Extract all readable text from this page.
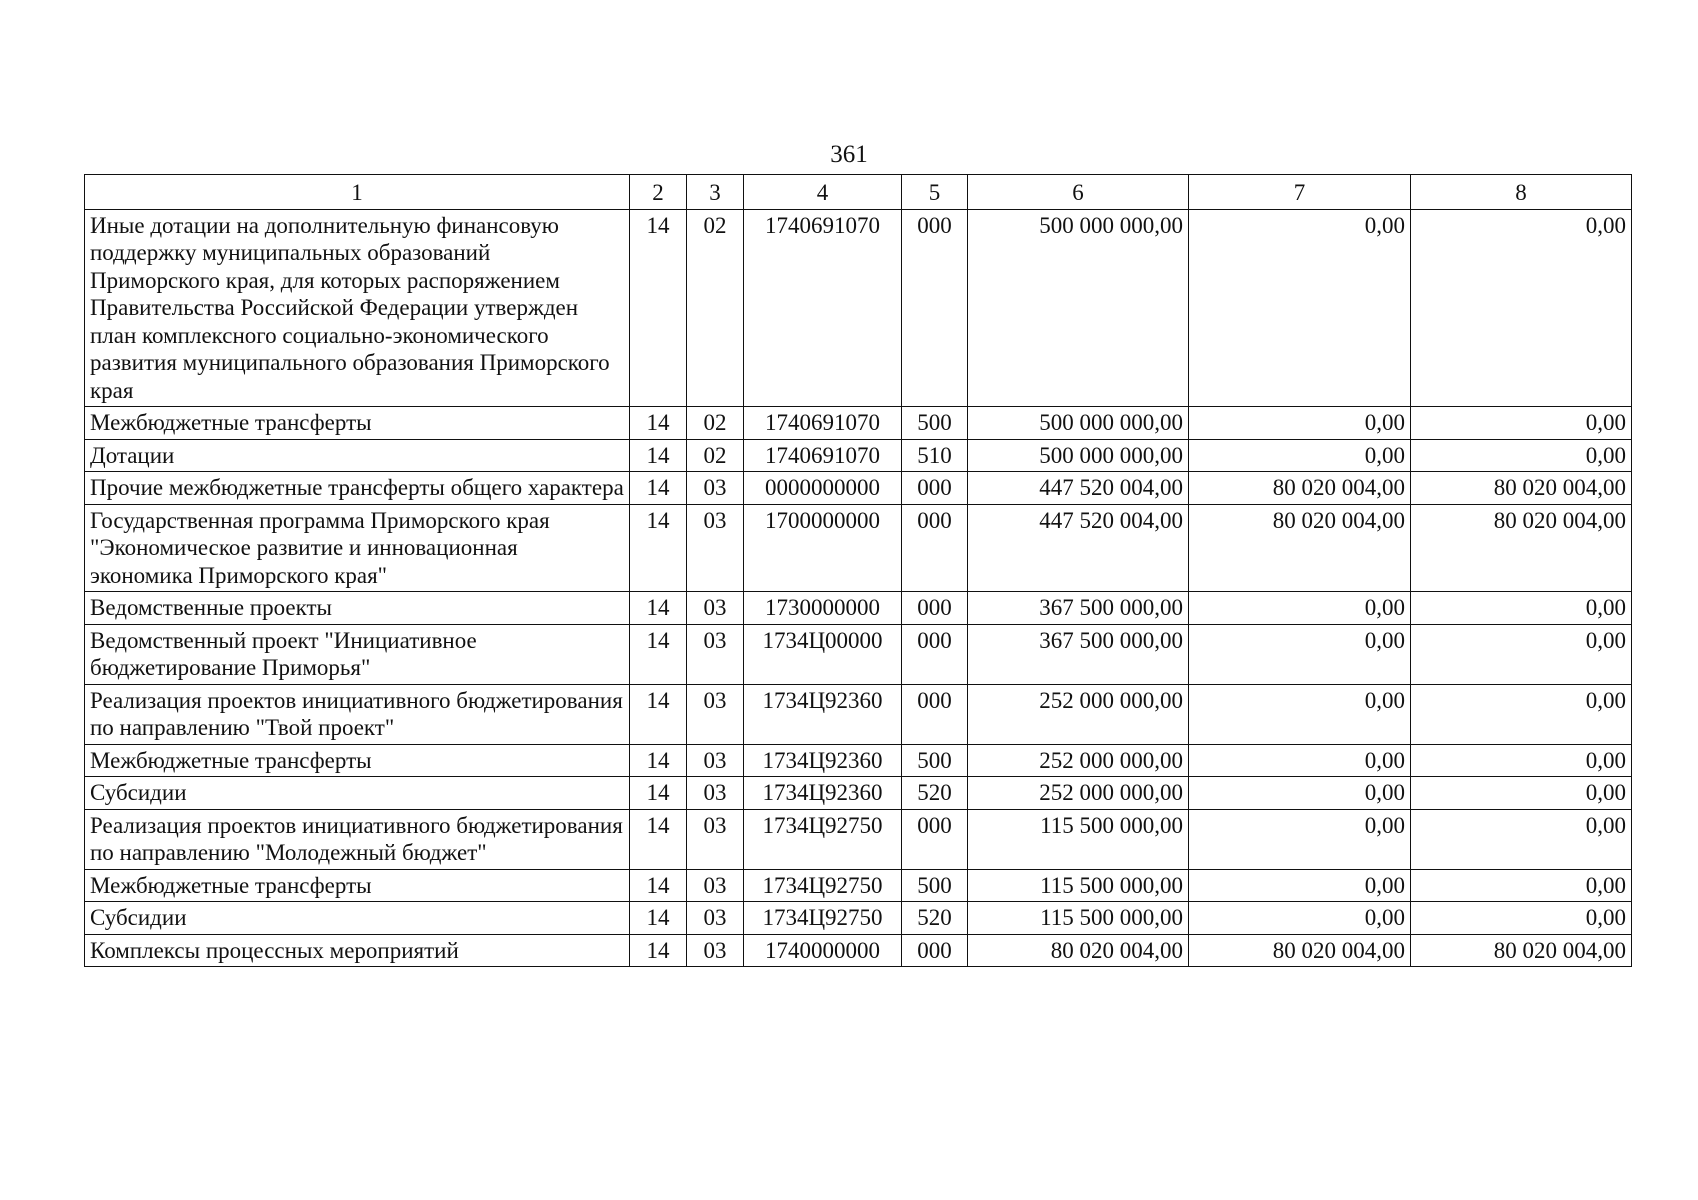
361
1	2	3	4	5	6	7	8
Иные дотации на дополнительную финансовую поддержку муниципальных образований Приморского края, для которых распоряжением Правительства Российской Федерации утвержден план комплексного социально-экономического развития муниципального образования Приморского края	14	02	1740691070	000	500 000 000,00	0,00	0,00
Межбюджетные трансферты	14	02	1740691070	500	500 000 000,00	0,00	0,00
Дотации	14	02	1740691070	510	500 000 000,00	0,00	0,00
Прочие межбюджетные трансферты общего характера	14	03	0000000000	000	447 520 004,00	80 020 004,00	80 020 004,00
Государственная программа Приморского края "Экономическое развитие и инновационная экономика Приморского края"	14	03	1700000000	000	447 520 004,00	80 020 004,00	80 020 004,00
Ведомственные проекты	14	03	1730000000	000	367 500 000,00	0,00	0,00
Ведомственный проект "Инициативное бюджетирование Приморья"	14	03	1734Ц00000	000	367 500 000,00	0,00	0,00
Реализация проектов инициативного бюджетирования по направлению "Твой проект"	14	03	1734Ц92360	000	252 000 000,00	0,00	0,00
Межбюджетные трансферты	14	03	1734Ц92360	500	252 000 000,00	0,00	0,00
Субсидии	14	03	1734Ц92360	520	252 000 000,00	0,00	0,00
Реализация проектов инициативного бюджетирования по направлению "Молодежный бюджет"	14	03	1734Ц92750	000	115 500 000,00	0,00	0,00
Межбюджетные трансферты	14	03	1734Ц92750	500	115 500 000,00	0,00	0,00
Субсидии	14	03	1734Ц92750	520	115 500 000,00	0,00	0,00
Комплексы процессных мероприятий	14	03	1740000000	000	80 020 004,00	80 020 004,00	80 020 004,00
